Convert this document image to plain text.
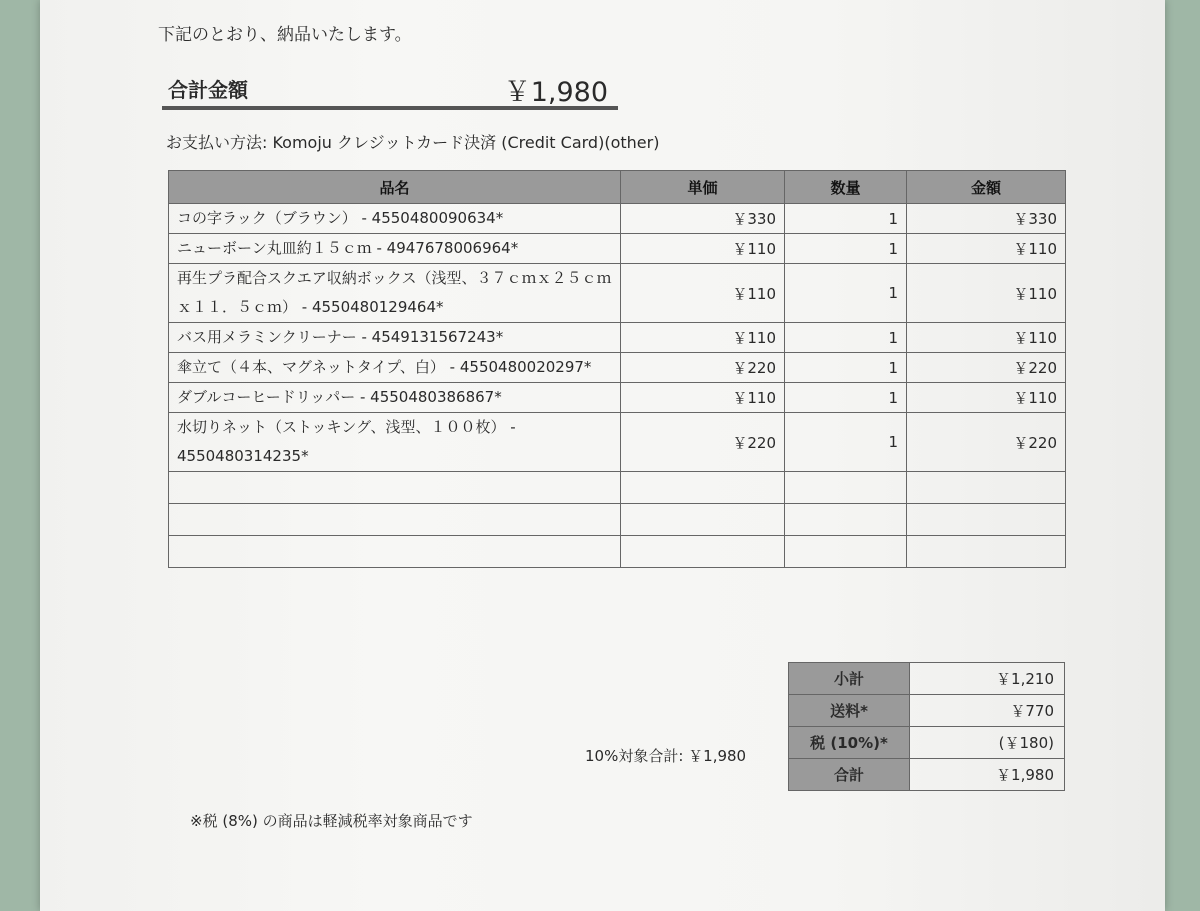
下記のとおり、納品いたします。
合計金額	￥1,980
お支払い方法: Komoju クレジットカード決済 (Credit Card)(other)
品名	単価	数量	金額
コの字ラック（ブラウン） - 4550480090634*	￥330	1	￥330
ニューボーン丸皿約１５ｃｍ - 4947678006964*	￥110	1	￥110
再生プラ配合スクエア収納ボックス（浅型、３７ｃｍｘ２５ｃｍｘ１１．５ｃｍ） - 4550480129464*	￥110	1	￥110
バス用メラミンクリーナー - 4549131567243*	￥110	1	￥110
傘立て（４本、マグネットタイプ、白） - 4550480020297*	￥220	1	￥220
ダブルコーヒードリッパー - 4550480386867*	￥110	1	￥110
水切りネット（ストッキング、浅型、１００枚） - 4550480314235*	￥220	1	￥220

10%対象合計: ￥1,980
小計	￥1,210
送料*	￥770
税 (10%)*	(￥180)
合計	￥1,980
※税 (8%) の商品は軽減税率対象商品です
